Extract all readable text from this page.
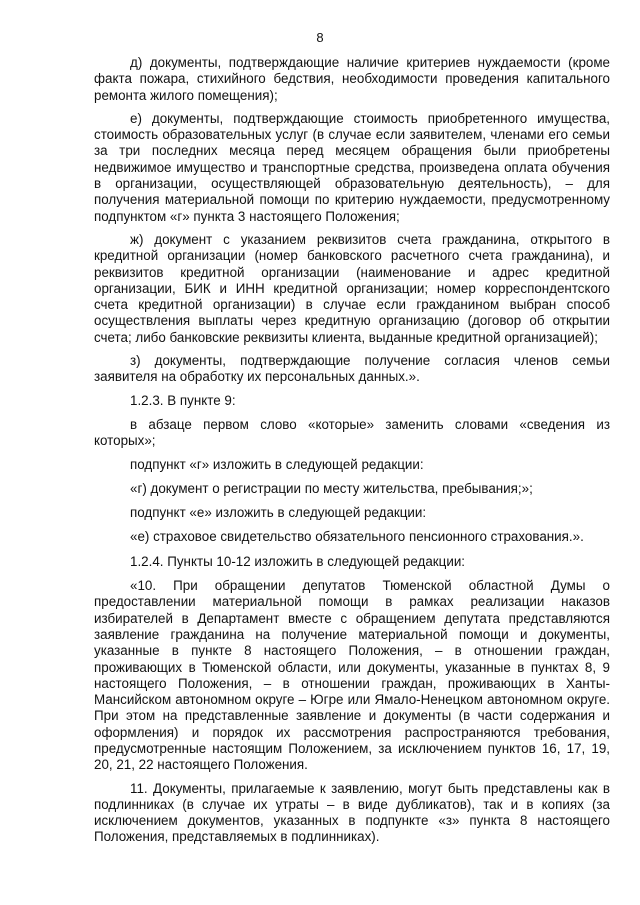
8

д) документы, подтверждающие наличие критериев нуждаемости (кроме факта пожара, стихийного бедствия, необходимости проведения капитального ремонта жилого помещения);

е) документы, подтверждающие стоимость приобретенного имущества, стоимость образовательных услуг (в случае если заявителем, членами его семьи за три последних месяца перед месяцем обращения были приобретены недвижимое имущество и транспортные средства, произведена оплата обучения в организации, осуществляющей образовательную деятельность), – для получения материальной помощи по критерию нуждаемости, предусмотренному подпунктом «г» пункта 3 настоящего Положения;

ж) документ с указанием реквизитов счета гражданина, открытого в кредитной организации (номер банковского расчетного счета гражданина), и реквизитов кредитной организации (наименование и адрес кредитной организации, БИК и ИНН кредитной организации; номер корреспондентского счета кредитной организации) в случае если гражданином выбран способ осуществления выплаты через кредитную организацию (договор об открытии счета; либо банковские реквизиты клиента, выданные кредитной организацией);

з) документы, подтверждающие получение согласия членов семьи заявителя на обработку их персональных данных.».

1.2.3. В пункте 9:

в абзаце первом слово «которые» заменить словами «сведения из которых»;

подпункт «г» изложить в следующей редакции:

«г) документ о регистрации по месту жительства, пребывания;»;

подпункт «е» изложить в следующей редакции:

«е) страховое свидетельство обязательного пенсионного страхования.».

1.2.4. Пункты 10-12 изложить в следующей редакции:

«10. При обращении депутатов Тюменской областной Думы о предоставлении материальной помощи в рамках реализации наказов избирателей в Департамент вместе с обращением депутата представляются заявление гражданина на получение материальной помощи и документы, указанные в пункте 8 настоящего Положения, – в отношении граждан, проживающих в Тюменской области, или документы, указанные в пунктах 8, 9 настоящего Положения, – в отношении граждан, проживающих в Ханты-Мансийском автономном округе – Югре или Ямало-Ненецком автономном округе. При этом на представленные заявление и документы (в части содержания и оформления) и порядок их рассмотрения распространяются требования, предусмотренные настоящим Положением, за исключением пунктов 16, 17, 19, 20, 21, 22 настоящего Положения.

11. Документы, прилагаемые к заявлению, могут быть представлены как в подлинниках (в случае их утраты – в виде дубликатов), так и в копиях (за исключением документов, указанных в подпункте «з» пункта 8 настоящего Положения, представляемых в подлинниках).
